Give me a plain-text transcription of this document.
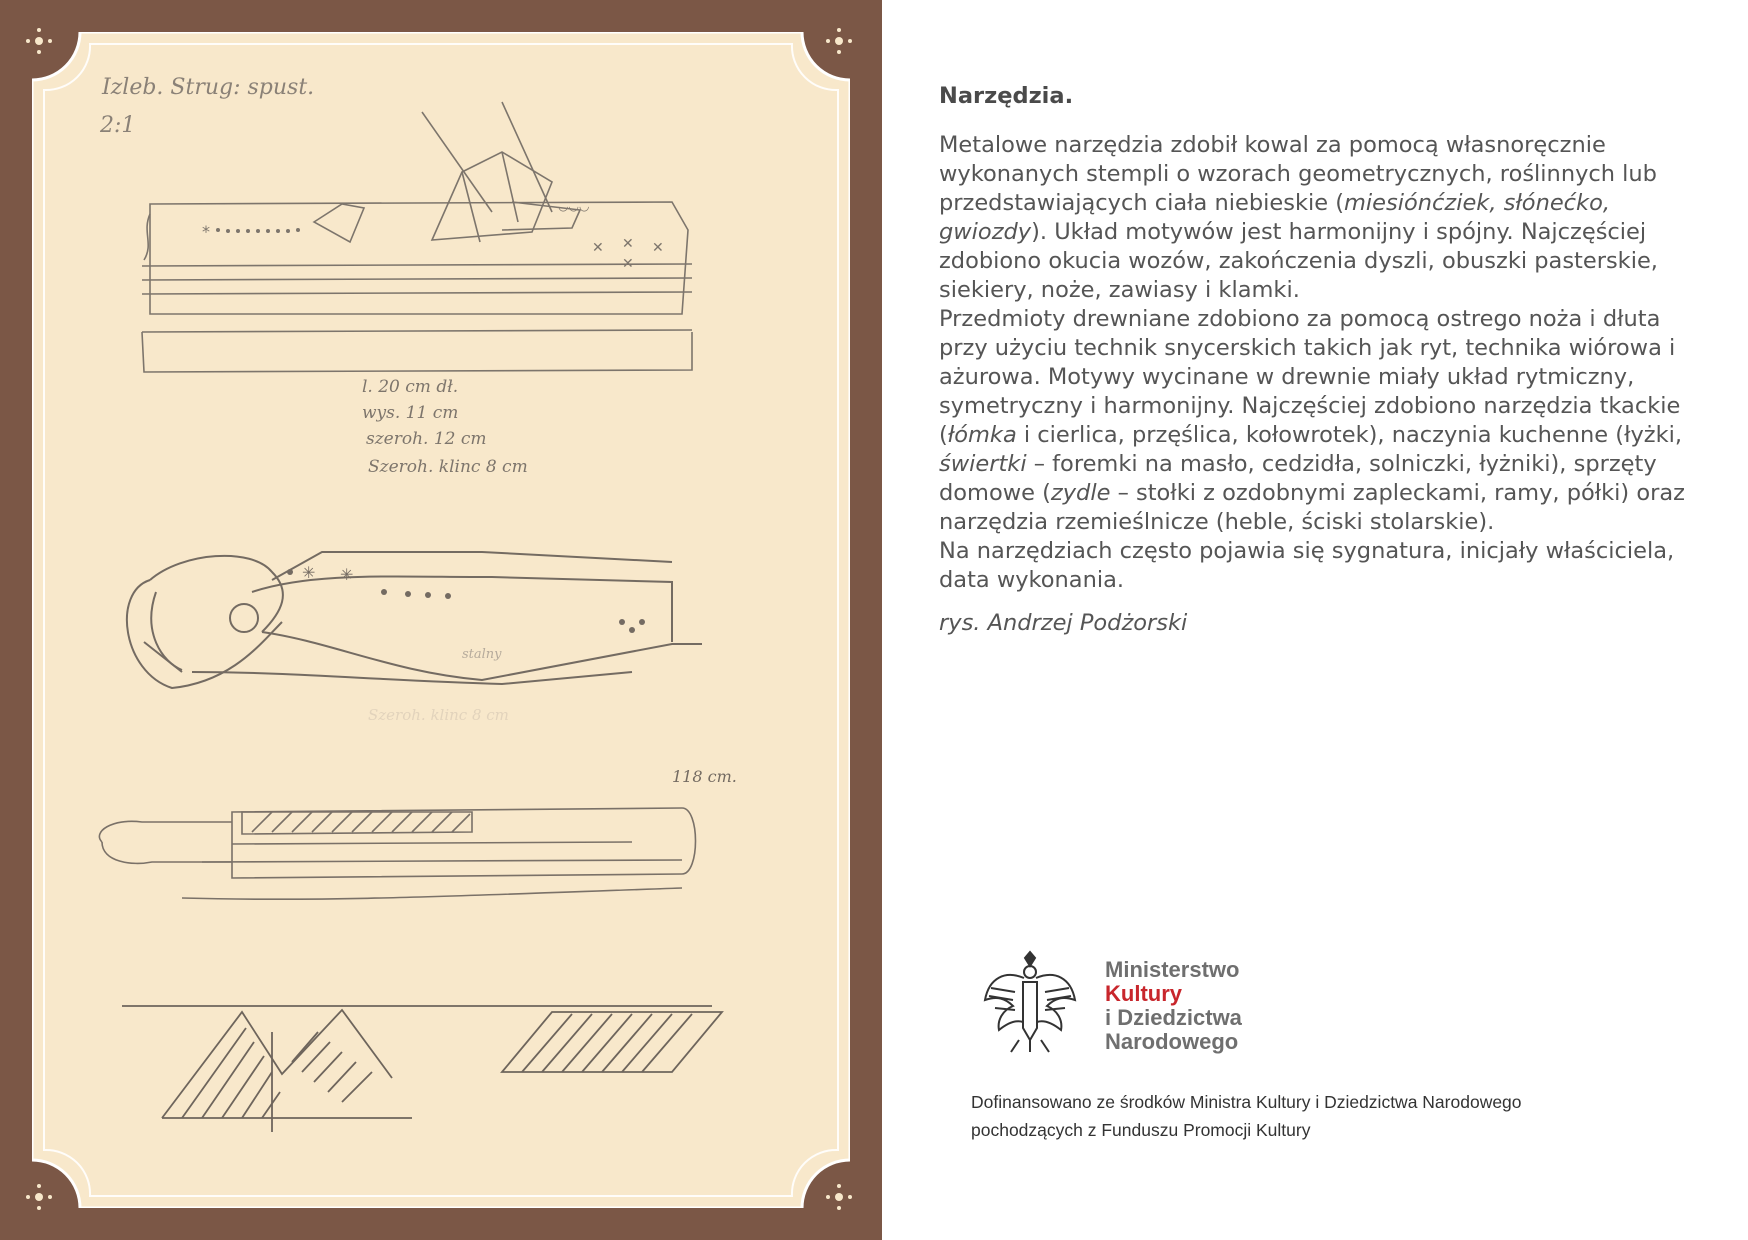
Izleb. Strug: spust.
2:1
*
✕ ✕ ✕
✕
◡◡◡
l. 20 cm dł.
wys. 11 cm
szeroh. 12 cm
Szeroh. klinc 8 cm
✳ ✳
stalny
Szeroh. klinc 8 cm
118 cm.

Narzędzia.

Metalowe narzędzia zdobił kowal za pomocą własnoręcznie wykonanych stempli o wzorach geometrycznych, roślinnych lub przedstawiających ciała niebieskie (miesiónćziek, słónećko, gwiozdy). Układ motywów jest harmonijny i spójny. Najczęściej zdobiono okucia wozów, zakończenia dyszli, obuszki pasterskie, siekiery, noże, zawiasy i klamki.

Przedmioty drewniane zdobiono za pomocą ostrego noża i dłuta przy użyciu technik snycerskich takich jak ryt, technika wiórowa i ażurowa. Motywy wycinane w drewnie miały układ rytmiczny, symetryczny i harmonijny. Najczęściej zdobiono narzędzia tkackie (łómka i cierlica, przęślica, kołowrotek), naczynia kuchenne (łyżki, świertki – foremki na masło, cedzidła, solniczki, łyżniki), sprzęty domowe (zydle – stołki z ozdobnymi zapleckami, ramy, półki) oraz narzędzia rzemieślnicze (heble, ściski stolarskie).

Na narzędziach często pojawia się sygnatura, inicjały właściciela, data wykonania.

rys. Andrzej Podżorski

Ministerstwo
Kultury
i Dziedzictwa
Narodowego
Dofinansowano ze środków Ministra Kultury i Dziedzictwa Narodowego
pochodzących z Funduszu Promocji Kultury
